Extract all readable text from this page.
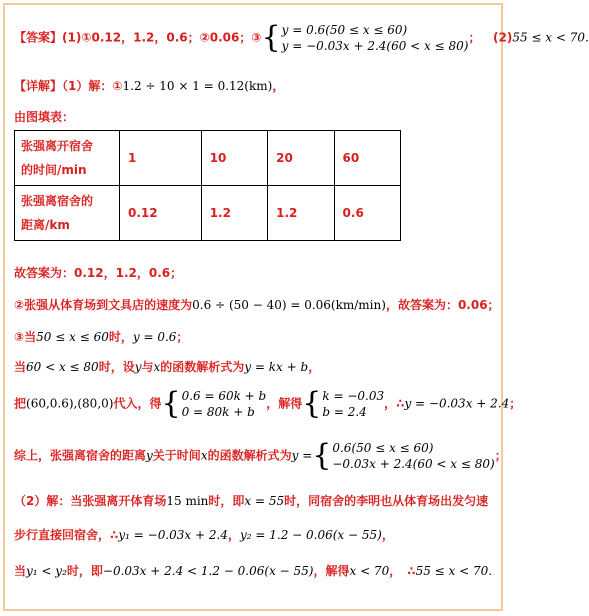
【答案】(1)①0.12，1.2，0.6；②0.06；③{y = 0.6(50 ≤ x ≤ 60)
y = −0.03x + 2.4(60 < x ≤ 80)； (2)55 ≤ x < 70.
【详解】（1）解：①1.2 ÷ 10 × 1 = 0.12(km)，
由图填表：
张强离开宿舍
的时间/min	1	10	20	60
张强离宿舍的
距离/km	0.12	1.2	1.2	0.6
故答案为：0.12，1.2，0.6；
②张强从体育场到文具店的速度为0.6 ÷ (50 − 40) = 0.06(km/min)，故答案为：0.06；
③当50 ≤ x ≤ 60时，y = 0.6；
当60 < x ≤ 80时，设y与x的函数解析式为y = kx + b，
把(60,0.6),(80,0)代入，得{0.6 = 60k + b
0 = 80k + b，解得{k = −0.03
b = 2.4，∴y = −0.03x + 2.4；
综上，张强离宿舍的距离y关于时间x的函数解析式为y ={0.6(50 ≤ x ≤ 60)
−0.03x + 2.4(60 < x ≤ 80)；
（2）解：当张强离开体育场15 min时，即x = 55时，同宿舍的李明也从体育场出发匀速
步行直接回宿舍，∴y₁ = −0.03x + 2.4，y₂ = 1.2 − 0.06(x − 55)，
当y₁ < y₂时，即−0.03x + 2.4 < 1.2 − 0.06(x − 55)，解得x < 70，　∴55 ≤ x < 70.
